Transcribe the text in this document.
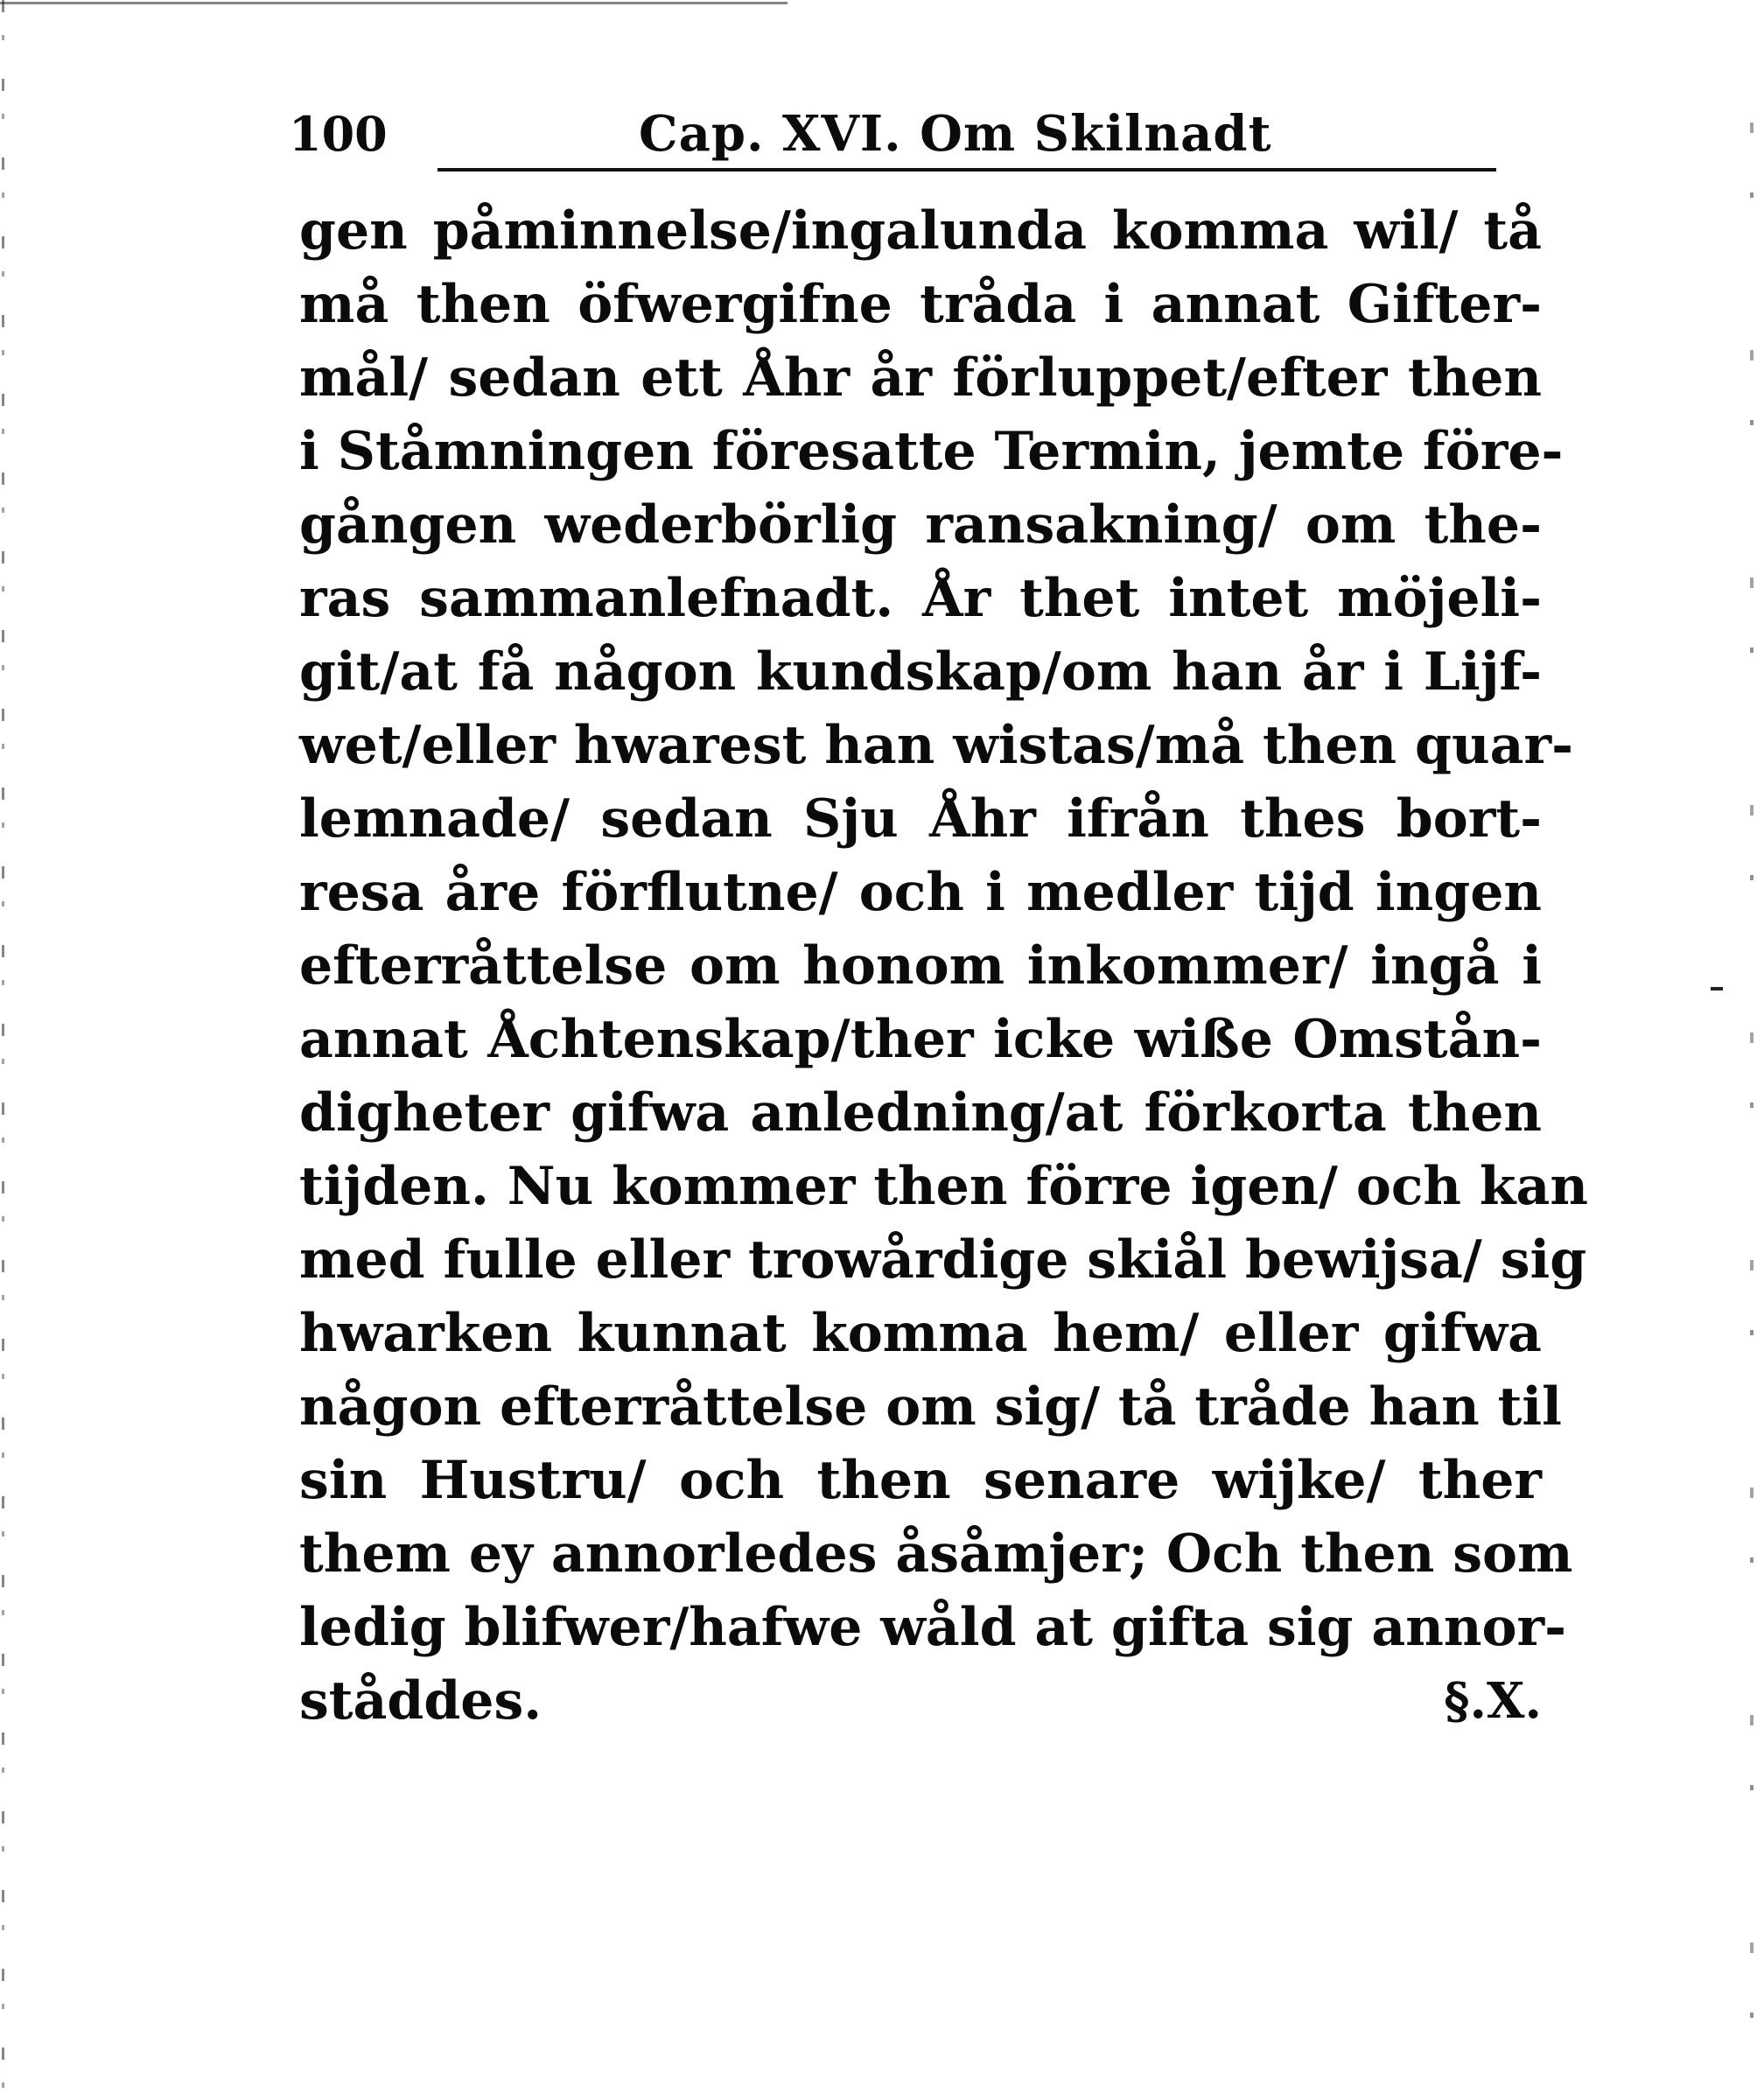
100	Cap. XVI. Om Skilnadt
gen påminnelse/ingalunda komma wil/ tå
må then öfwergifne tråda i annat Gifter-
mål/ sedan ett Åhr år förluppet/efter then
i Ståmningen föresatte Termin, jemte före-
gången wederbörlig ransakning/ om the-
ras sammanlefnadt. År thet intet möjeli-
git/at få någon kundskap/om han år i Lijf-
wet/eller hwarest han wistas/må then quar-
lemnade/ sedan Sju Åhr ifrån thes bort-
resa åre förflutne/ och i medler tijd ingen
efterråttelse om honom inkommer/ ingå i
annat Åchtenskap/ther icke wiße Omstån-
digheter gifwa anledning/at förkorta then
tijden. Nu kommer then förre igen/ och kan
med fulle eller trowårdige skiål bewijsa/ sig
hwarken kunnat komma hem/ eller gifwa
någon efterråttelse om sig/ tå tråde han til
sin Hustru/ och then senare wijke/ ther
them ey annorledes åsåmjer; Och then som
ledig blifwer/hafwe wåld at gifta sig annor-
ståddes.	§.X.
